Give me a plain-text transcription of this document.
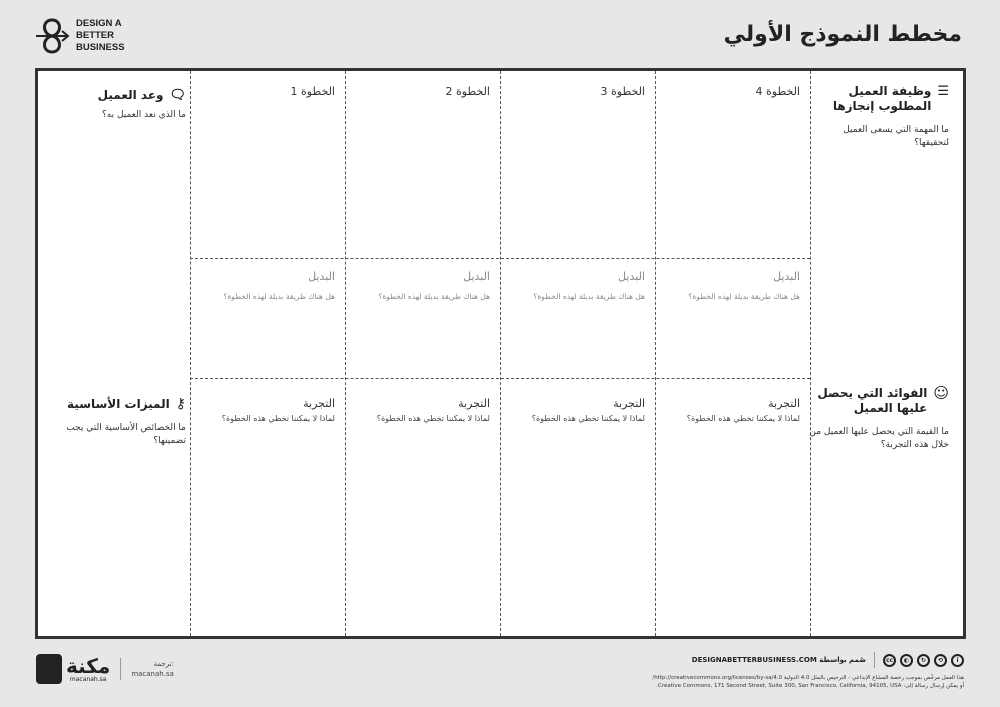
DESIGN A
BETTER
BUSINESS
مخطط النموذج الأولي
الخطوة 4
الخطوة 3
الخطوة 2
الخطوة 1
البديل
هل هناك طريقة بديلة لهذه الخطوة؟
البديل
هل هناك طريقة بديلة لهذه الخطوة؟
البديل
هل هناك طريقة بديلة لهذه الخطوة؟
البديل
هل هناك طريقة بديلة لهذه الخطوة؟
التجربة
لماذا لا يمكننا تخطي هذه الخطوة؟
التجربة
لماذا لا يمكننا تخطي هذه الخطوة؟
التجربة
لماذا لا يمكننا تخطي هذه الخطوة؟
التجربة
لماذا لا يمكننا تخطي هذه الخطوة؟
☰
وظيفة العميل المطلوب إنجازها
ما المهمة التي يسعى العميل لتحقيقها؟
☺
الفوائد التي يحصل عليها العميل
ما القيمة التي يحصل عليها العميل من خلال هذه التجربة؟
🗨
وعد العميل
ما الذي نعد العميل به؟
⚷
الميزات الأساسية
ما الخصائص الأساسية التي يجب تضمينها؟
مكنة
macanah.sa
ترجمة:
macanah.sa
i
⟲
↻
◐
cc
صُمم بواسطة DESIGNABETTERBUSINESS.COM
هذا العمل مرخّص بموجب رخصة المشاع الإبداعي - الترخيص بالمثل 4.0 الدولية http://creativecommons.org/licenses/by-sa/4.0/
أو يمكن إرسال رسالة إلى: Creative Commons, 171 Second Street, Suite 300, San Francisco, California, 94105, USA.
